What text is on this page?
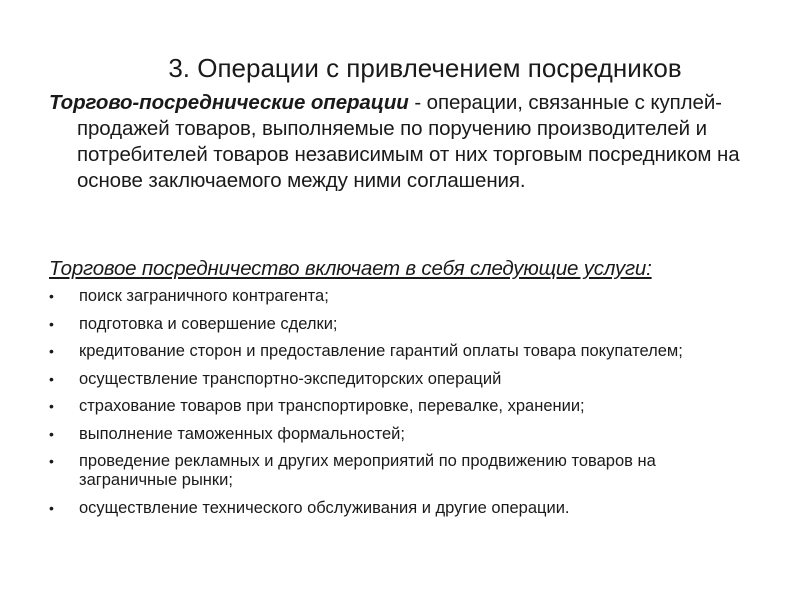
3. Операции с привлечением посредников

Торгово-посреднические операции - операции, связанные с куплей-продажей товаров, выполняемые по поручению производителей и потребителей товаров независимым от них торговым посредником на основе заключаемого между ними соглашения.

Торговое посредничество включает в себя следующие услуги:

• поиск заграничного контрагента;
• подготовка и совершение сделки;
• кредитование сторон и предоставление гарантий оплаты товара покупателем;
• осуществление транспортно-экспедиторских операций
• страхование товаров при транспортировке, перевалке, хранении;
• выполнение таможенных формальностей;
• проведение рекламных и других мероприятий по продвижению товаров на заграничные рынки;
• осуществление технического обслуживания и другие операции.
